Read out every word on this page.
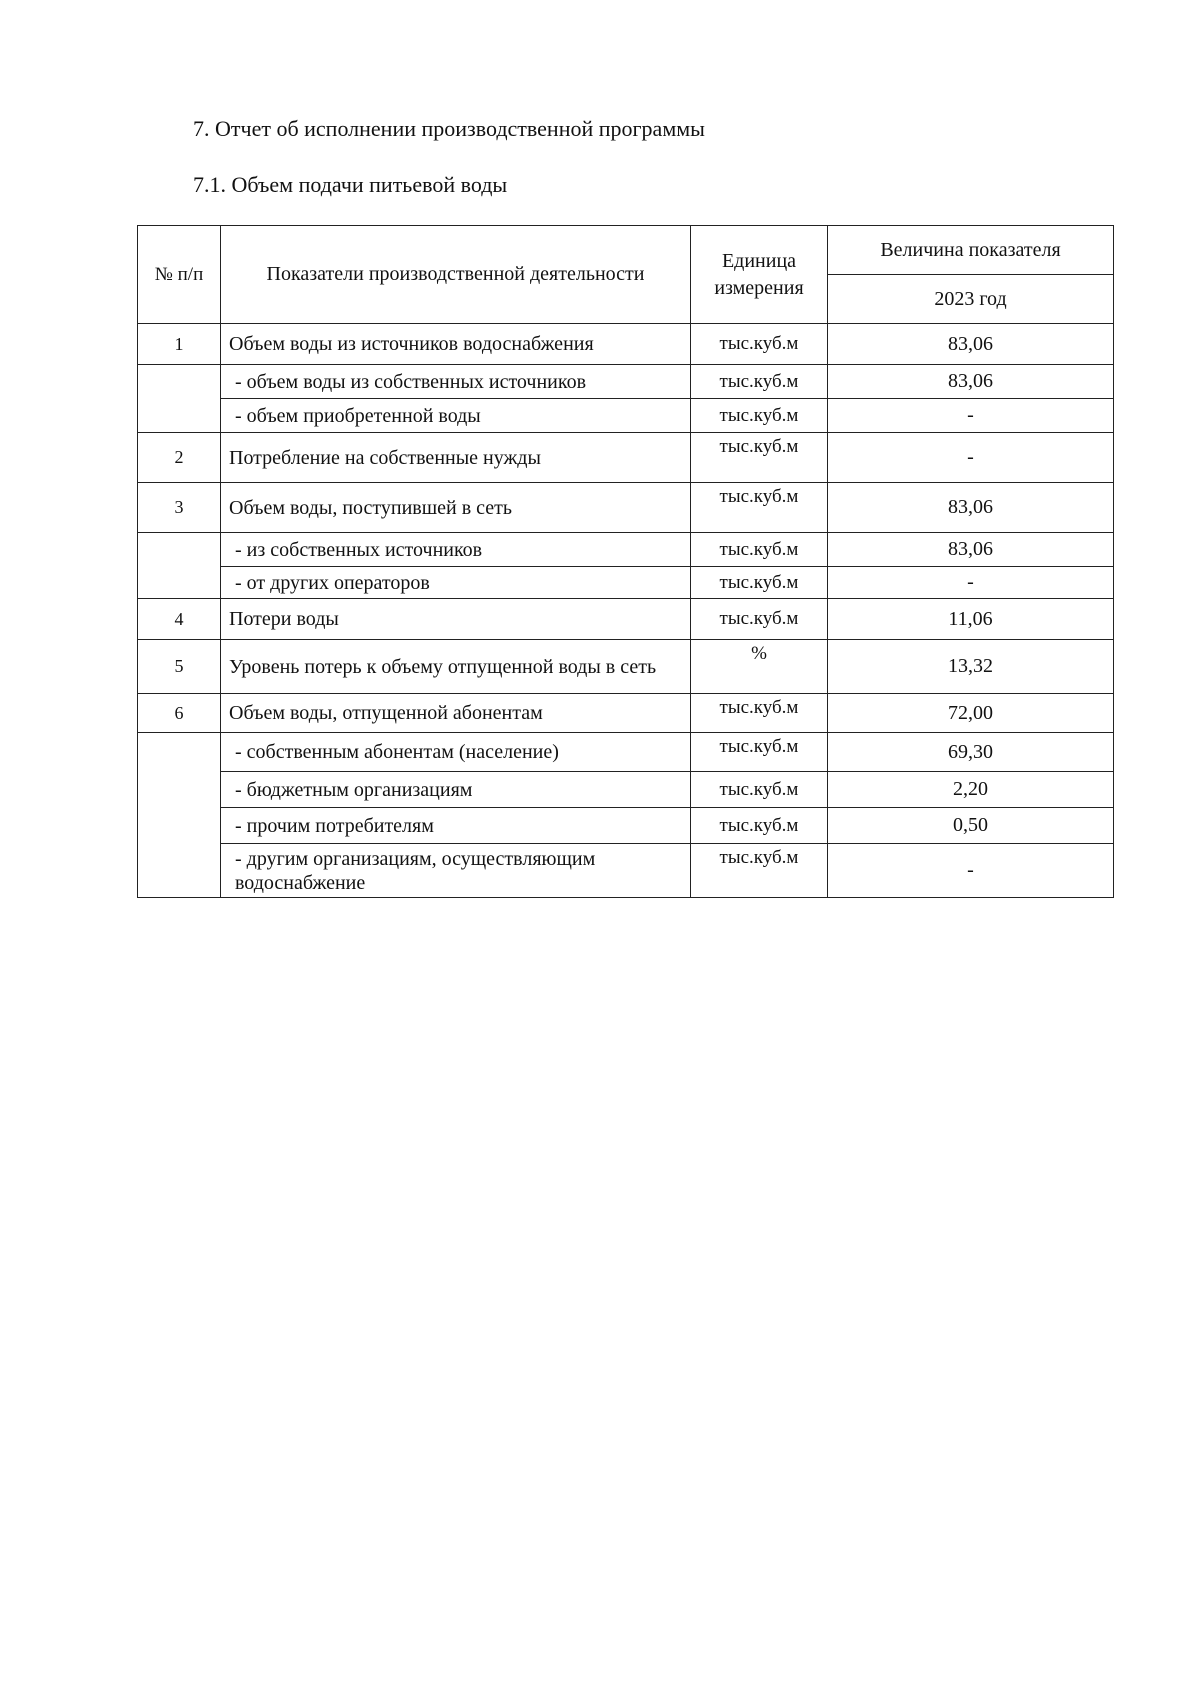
7. Отчет об исполнении производственной программы
7.1. Объем подачи питьевой воды
№ п/п	Показатели производственной деятельности	Единица измерения	Величина показателя
			2023 год
1	Объем воды из источников водоснабжения	тыс.куб.м	83,06
	- объем воды из собственных источников	тыс.куб.м	83,06
	- объем приобретенной воды	тыс.куб.м	-
2	Потребление на собственные нужды	тыс.куб.м	-
3	Объем воды, поступившей в сеть	тыс.куб.м	83,06
	- из собственных источников	тыс.куб.м	83,06
	- от других операторов	тыс.куб.м	-
4	Потери воды	тыс.куб.м	11,06
5	Уровень потерь к объему отпущенной воды в сеть	%	13,32
6	Объем воды, отпущенной абонентам	тыс.куб.м	72,00
	- собственным абонентам (население)	тыс.куб.м	69,30
	- бюджетным организациям	тыс.куб.м	2,20
	- прочим потребителям	тыс.куб.м	0,50
	- другим организациям, осуществляющим водоснабжение	тыс.куб.м	-
